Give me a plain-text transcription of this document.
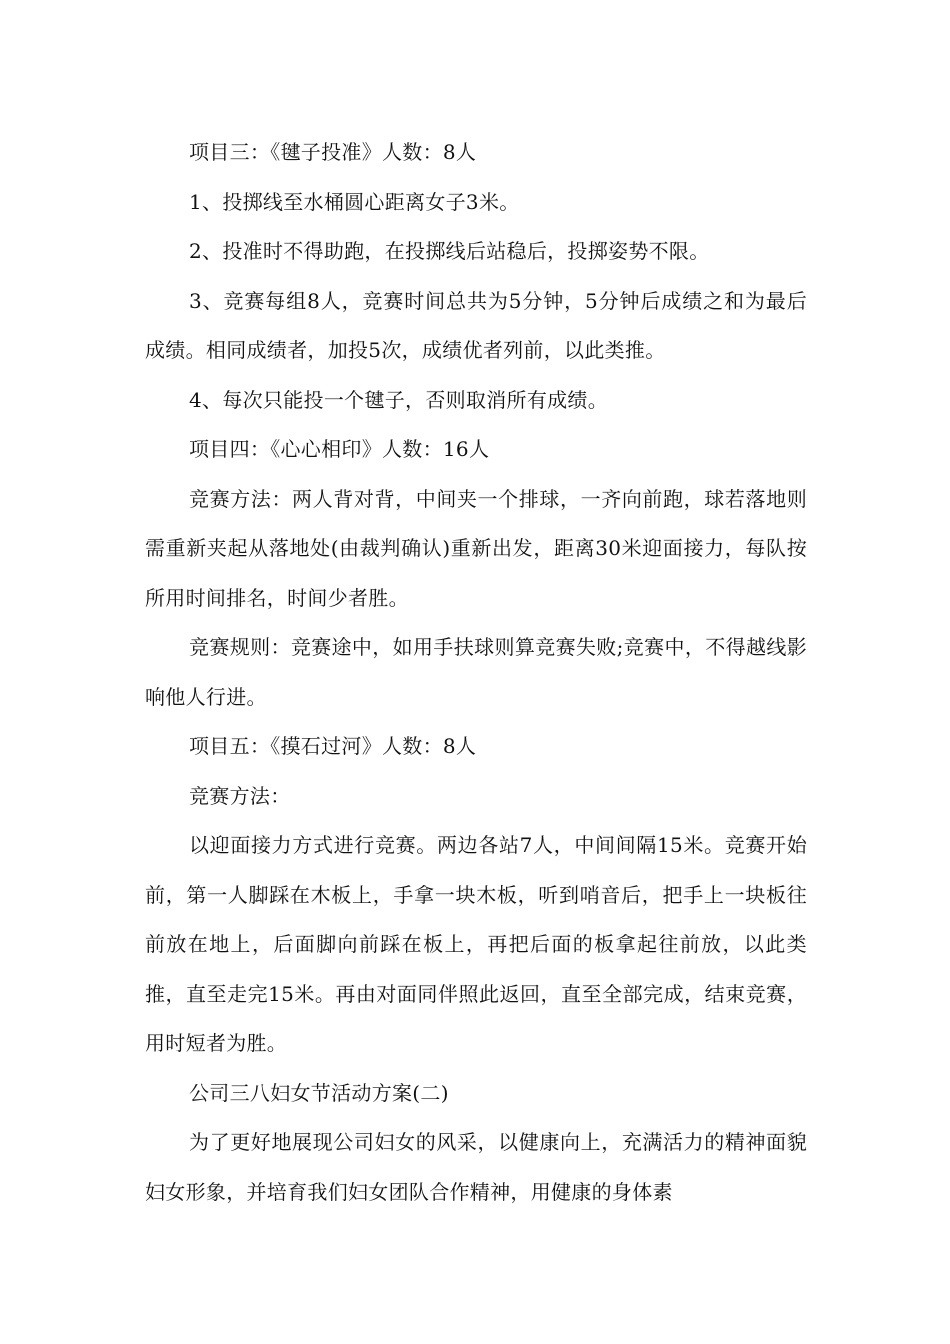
项目三：《毽子投准》人数：8人

1、投掷线至水桶圆心距离女子3米。

2、投准时不得助跑，在投掷线后站稳后，投掷姿势不限。

3、竞赛每组8人，竞赛时间总共为5分钟，5分钟后成绩之和为最后成绩。相同成绩者，加投5次，成绩优者列前，以此类推。

4、每次只能投一个毽子，否则取消所有成绩。

项目四：《心心相印》人数：16人

竞赛方法：两人背对背，中间夹一个排球，一齐向前跑，球若落地则需重新夹起从落地处(由裁判确认)重新出发，距离30米迎面接力，每队按所用时间排名，时间少者胜。

竞赛规则：竞赛途中，如用手扶球则算竞赛失败;竞赛中，不得越线影响他人行进。

项目五：《摸石过河》人数：8人

竞赛方法：

以迎面接力方式进行竞赛。两边各站7人，中间间隔15米。竞赛开始前，第一人脚踩在木板上，手拿一块木板，听到哨音后，把手上一块板往前放在地上，后面脚向前踩在板上，再把后面的板拿起往前放，以此类推，直至走完15米。再由对面同伴照此返回，直至全部完成，结束竞赛，用时短者为胜。

公司三八妇女节活动方案(二)

为了更好地展现公司妇女的风采，以健康向上，充满活力的精神面貌妇女形象，并培育我们妇女团队合作精神，用健康的身体素
